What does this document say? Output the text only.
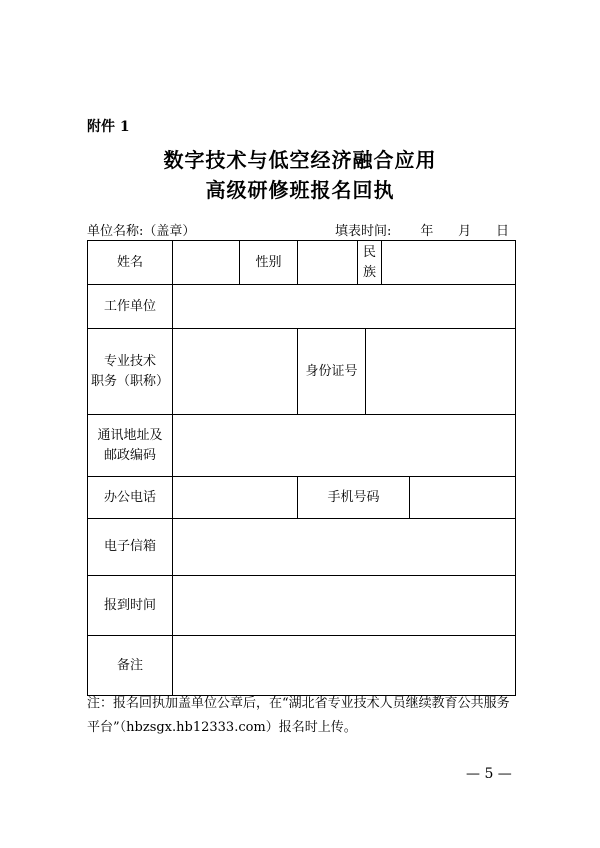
附件 1
数字技术与低空经济融合应用
高级研修班报名回执
单位名称:（盖章）	填表时间: 年 月 日
姓名		性别		民族			
工作单位							

专业技术
职务（职称）			身份证号				

通讯地址及
邮政编码							

办公电话			手机号码				
电子信箱							
报到时间							
备注							
注：报名回执加盖单位公章后，在“湖北省专业技术人员继续教育公共服务平台”（hbzsgx.hb12333.com）报名时上传。
— 5 —
